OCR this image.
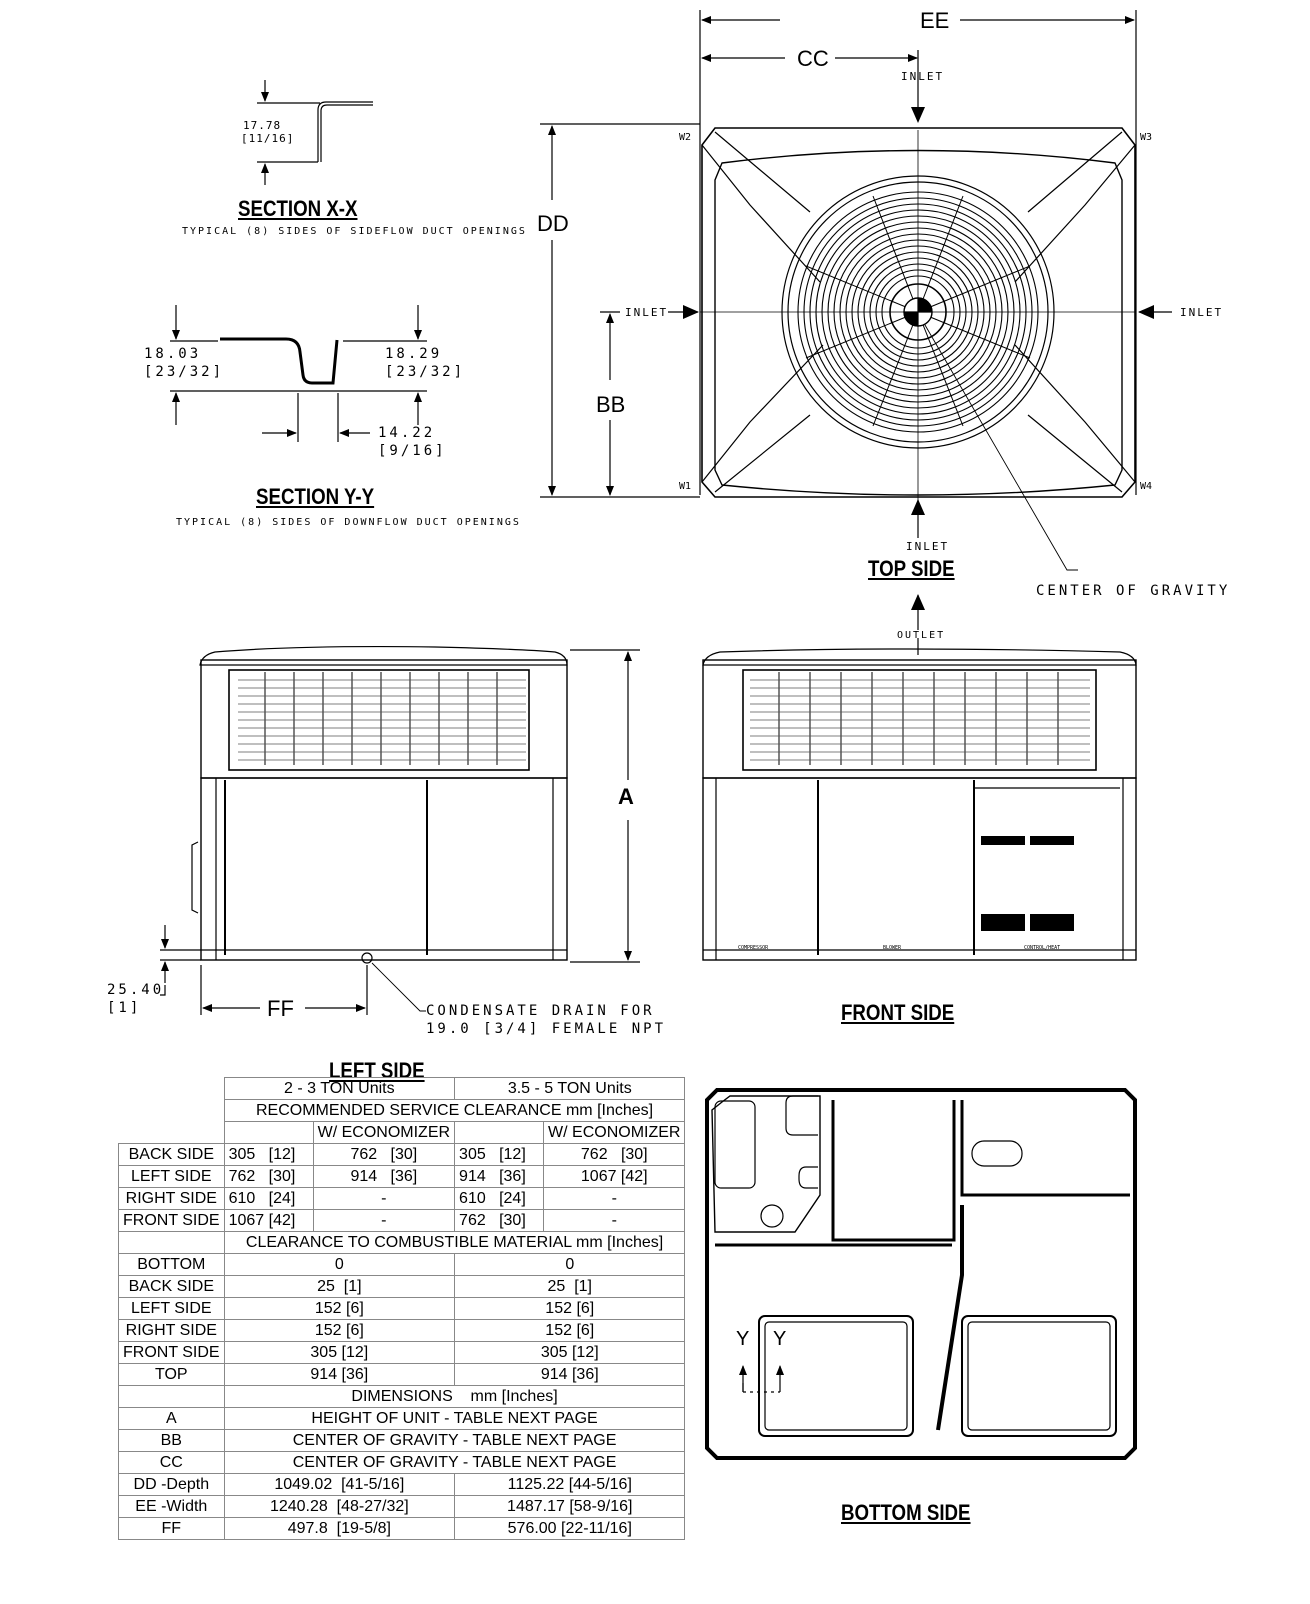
17.78
[11/16]
SECTION X-X
TYPICAL (8) SIDES OF SIDEFLOW DUCT OPENINGS
18.03
[23/32]
18.29
[23/32]
14.22
[9/16]
SECTION Y-Y
TYPICAL (8) SIDES OF DOWNFLOW DUCT OPENINGS
EE
CC
DD
BB
INLET
INLET	INLET
INLET
W2	W3
W1	W4
TOP SIDE
CENTER OF GRAVITY
OUTLET
A
FF
25.40
[1]	CONDENSATE DRAIN FOR
19.0 [3/4] FEMALE NPT
LEFT SIDE
COMPRESSOR	BLOWER	CONTROL/HEAT
FRONT SIDE
Y Y
BOTTOM SIDE
	2 - 3 TON Units		3.5 - 5 TON Units	
	RECOMMENDED SERVICE CLEARANCE mm [Inches]			
		W/ ECONOMIZER		W/ ECONOMIZER
BACK SIDE	305   [12]	762   [30]	305   [12]	762   [30]
LEFT SIDE	762   [30]	914   [36]	914   [36]	1067 [42]
RIGHT SIDE	610   [24]	-	610   [24]	-
FRONT SIDE	1067 [42]	-	762   [30]	-
	CLEARANCE TO COMBUSTIBLE MATERIAL mm [Inches]			
BOTTOM	0		0	
BACK SIDE	25  [1]		25  [1]	
LEFT SIDE	152 [6]		152 [6]	
RIGHT SIDE	152 [6]		152 [6]	
FRONT SIDE	305 [12]		305 [12]	
TOP	914 [36]		914 [36]	
	DIMENSIONS    mm [Inches]			
A	HEIGHT OF UNIT - TABLE NEXT PAGE			
BB	CENTER OF GRAVITY - TABLE NEXT PAGE			
CC	CENTER OF GRAVITY - TABLE NEXT PAGE			
DD -Depth	1049.02  [41-5/16]		1125.22 [44-5/16]	
EE -Width	1240.28  [48-27/32]		1487.17 [58-9/16]	
FF	497.8  [19-5/8]		576.00 [22-11/16]	
